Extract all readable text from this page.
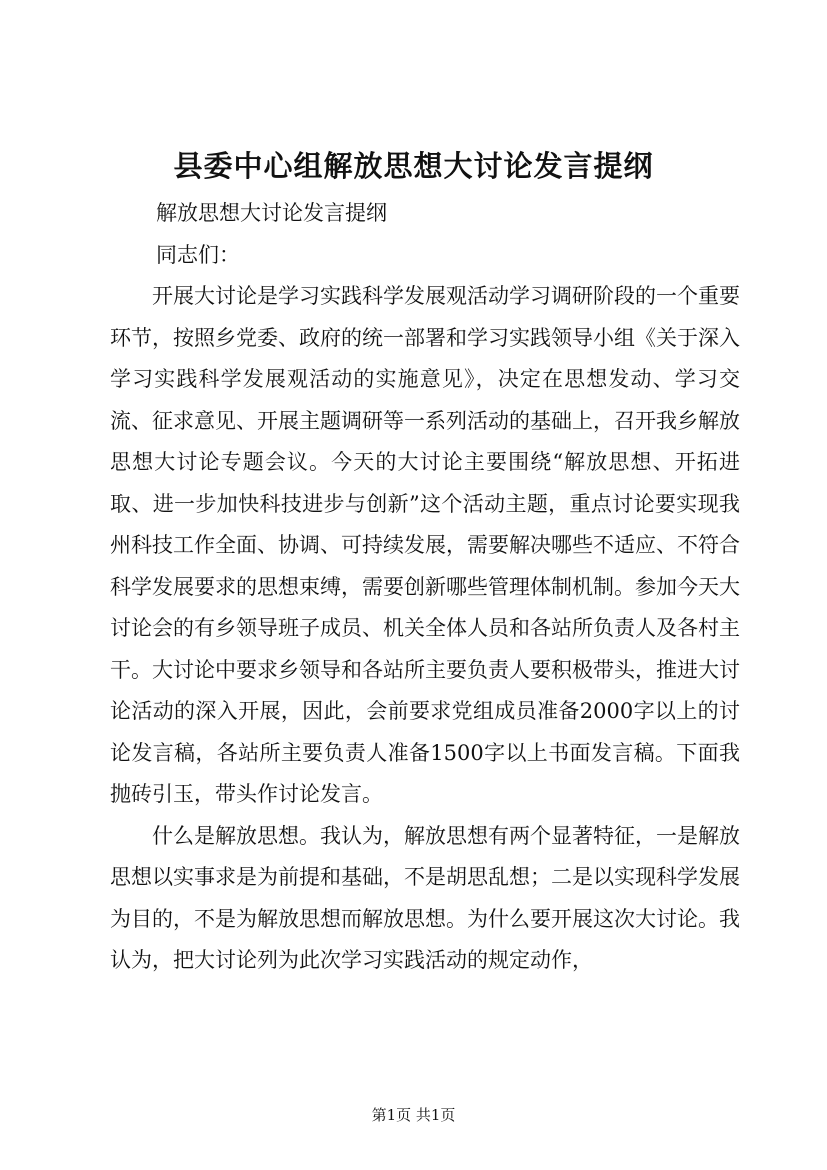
县委中心组解放思想大讨论发言提纲

解放思想大讨论发言提纲

同志们：

开展大讨论是学习实践科学发展观活动学习调研阶段的一个重要环节，按照乡党委、政府的统一部署和学习实践领导小组《关于深入学习实践科学发展观活动的实施意见》，决定在思想发动、学习交流、征求意见、开展主题调研等一系列活动的基础上，召开我乡解放思想大讨论专题会议。今天的大讨论主要围绕“解放思想、开拓进取、进一步加快科技进步与创新”这个活动主题，重点讨论要实现我州科技工作全面、协调、可持续发展，需要解决哪些不适应、不符合科学发展要求的思想束缚，需要创新哪些管理体制机制。参加今天大讨论会的有乡领导班子成员、机关全体人员和各站所负责人及各村主干。大讨论中要求乡领导和各站所主要负责人要积极带头，推进大讨论活动的深入开展，因此，会前要求党组成员准备2000字以上的讨论发言稿，各站所主要负责人准备1500字以上书面发言稿。下面我抛砖引玉，带头作讨论发言。

什么是解放思想。我认为，解放思想有两个显著特征，一是解放思想以实事求是为前提和基础，不是胡思乱想；二是以实现科学发展为目的，不是为解放思想而解放思想。为什么要开展这次大讨论。我认为，把大讨论列为此次学习实践活动的规定动作，

第1页 共1页
